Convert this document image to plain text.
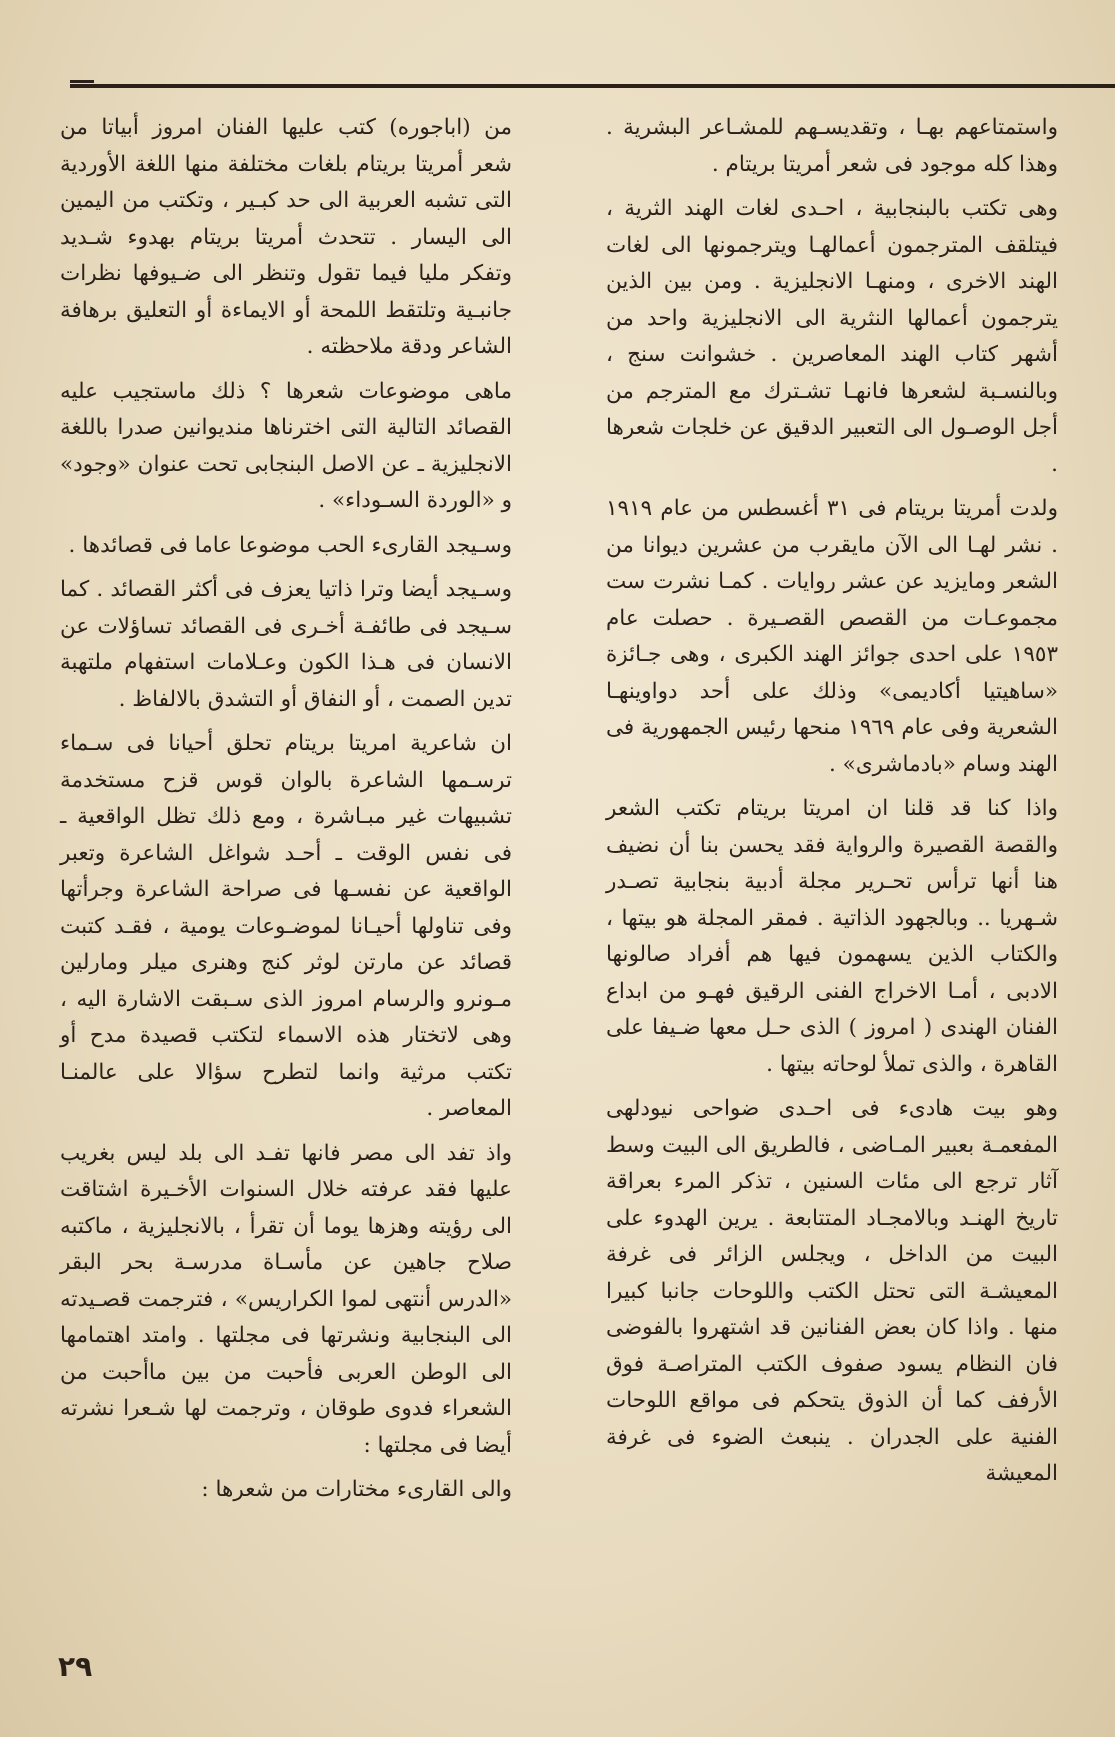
واستمتاعهم بهـا ، وتقديسـهم للمشـاعر البشرية . وهذا كله موجود فى شعر أمريتا بريتام .

وهى تكتب بالبنجابية ، احـدى لغات الهند الثرية ، فيتلقف المترجمون أعمالهـا ويترجمونها الى لغات الهند الاخرى ، ومنهـا الانجليزية . ومن بين الذين يترجمون أعمالها النثرية الى الانجليزية واحد من أشهر كتاب الهند المعاصرين . خشوانت سنج ، وبالنسـبة لشعرها فانهـا تشـترك مع المترجم من أجل الوصـول الى التعبير الدقيق عن خلجات شعرها .

ولدت أمريتا بريتام فى ٣١ أغسطس من عام ١٩١٩ . نشر لهـا الى الآن مايقرب من عشرين ديوانا من الشعر ومايزيد عن عشر روايات . كمـا نشرت ست مجموعـات من القصص القصـيرة . حصلت عام ١٩٥٣ على احدى جوائز الهند الكبرى ، وهى جـائزة «ساهيتيا أكاديمى» وذلك على أحد دواوينهـا الشعرية وفى عام ١٩٦٩ منحها رئيس الجمهورية فى الهند وسام «بادماشرى» .

واذا كنا قد قلنا ان امريتا بريتام تكتب الشعر والقصة القصيرة والرواية فقد يحسن بنا أن نضيف هنا أنها ترأس تحـرير مجلة أدبية بنجابية تصـدر شـهريا .. وبالجهود الذاتية . فمقر المجلة هو بيتها ، والكتاب الذين يسهمون فيها هم أفراد صالونها الادبى ، أمـا الاخراج الفنى الرقيق فهـو من ابداع الفنان الهندى ( امروز ) الذى حـل معها ضـيفا على القاهرة ، والذى تملأ لوحاته بيتها .

وهو بيت هادىء فى احـدى ضواحى نيودلهى المفعمـة بعبير المـاضى ، فالطريق الى البيت وسط آثار ترجع الى مئات السنين ، تذكر المرء بعراقة تاريخ الهنـد وبالامجـاد المتتابعة . يرين الهدوء على البيت من الداخل ، ويجلس الزائر فى غرفة المعيشـة التى تحتل الكتب واللوحات جانبا كبيرا منها . واذا كان بعض الفنانين قد اشتهروا بالفوضى فان النظام يسود صفوف الكتب المتراصـة فوق الأرفف كما أن الذوق يتحكم فى مواقع اللوحات الفنية على الجدران . ينبعث الضوء فى غرفة المعيشة

من (اباجوره) كتب عليها الفنان امروز أبياتا من شعر أمريتا بريتام بلغات مختلفة منها اللغة الأوردية التى تشبه العربية الى حد كبـير ، وتكتب من اليمين الى اليسار . تتحدث أمريتا بريتام بهدوء شـديد وتفكر مليا فيما تقول وتنظر الى ضـيوفها نظرات جانبـية وتلتقط اللمحة أو الايماءة أو التعليق برهافة الشاعر ودقة ملاحظته .

ماهى موضوعات شعرها ؟ ذلك ماستجيب عليه القصائد التالية التى اخترناها منديوانين صدرا باللغة الانجليزية ـ عن الاصل البنجابى تحت عنوان «وجود» و «الوردة السـوداء» .

وسـيجد القارىء الحب موضوعا عاما فى قصائدها .

وسـيجد أيضا وترا ذاتيا يعزف فى أكثر القصائد . كما سـيجد فى طائفـة أخـرى فى القصائد تساؤلات عن الانسان فى هـذا الكون وعـلامات استفهام ملتهبة تدين الصمت ، أو النفاق أو التشدق بالالفاظ .

ان شاعرية امريتا بريتام تحلق أحيانا فى سـماء ترسـمها الشاعرة بالوان قوس قزح مستخدمة تشبيهات غير مبـاشرة ، ومع ذلك تظل الواقعية ـ فى نفس الوقت ـ أحـد شواغل الشاعرة وتعبر الواقعية عن نفسـها فى صراحة الشاعرة وجرأتها وفى تناولها أحيـانا لموضـوعات يومية ، فقـد كتبت قصائد عن مارتن لوثر كنج وهنرى ميلر ومارلين مـونرو والرسام امروز الذى سـبقت الاشارة اليه ، وهى لاتختار هذه الاسماء لتكتب قصيدة مدح أو تكتب مرثية وانما لتطرح سؤالا على عالمنـا المعاصر .

واذ تفد الى مصر فانها تفـد الى بلد ليس بغريب عليها فقد عرفته خلال السنوات الأخـيرة اشتاقت الى رؤيته وهزها يوما أن تقرأ ، بالانجليزية ، ماكتبه صلاح جاهين عن مأسـاة مدرسـة بحر البقر «الدرس أنتهى لموا الكراريس» ، فترجمت قصـيدته الى البنجابية ونشرتها فى مجلتها . وامتد اهتمامها الى الوطن العربى فأحبت من بين ماأحبت من الشعراء فدوى طوقان ، وترجمت لها شـعرا نشرته أيضا فى مجلتها :

والى القارىء مختارات من شعرها :

٢٩
